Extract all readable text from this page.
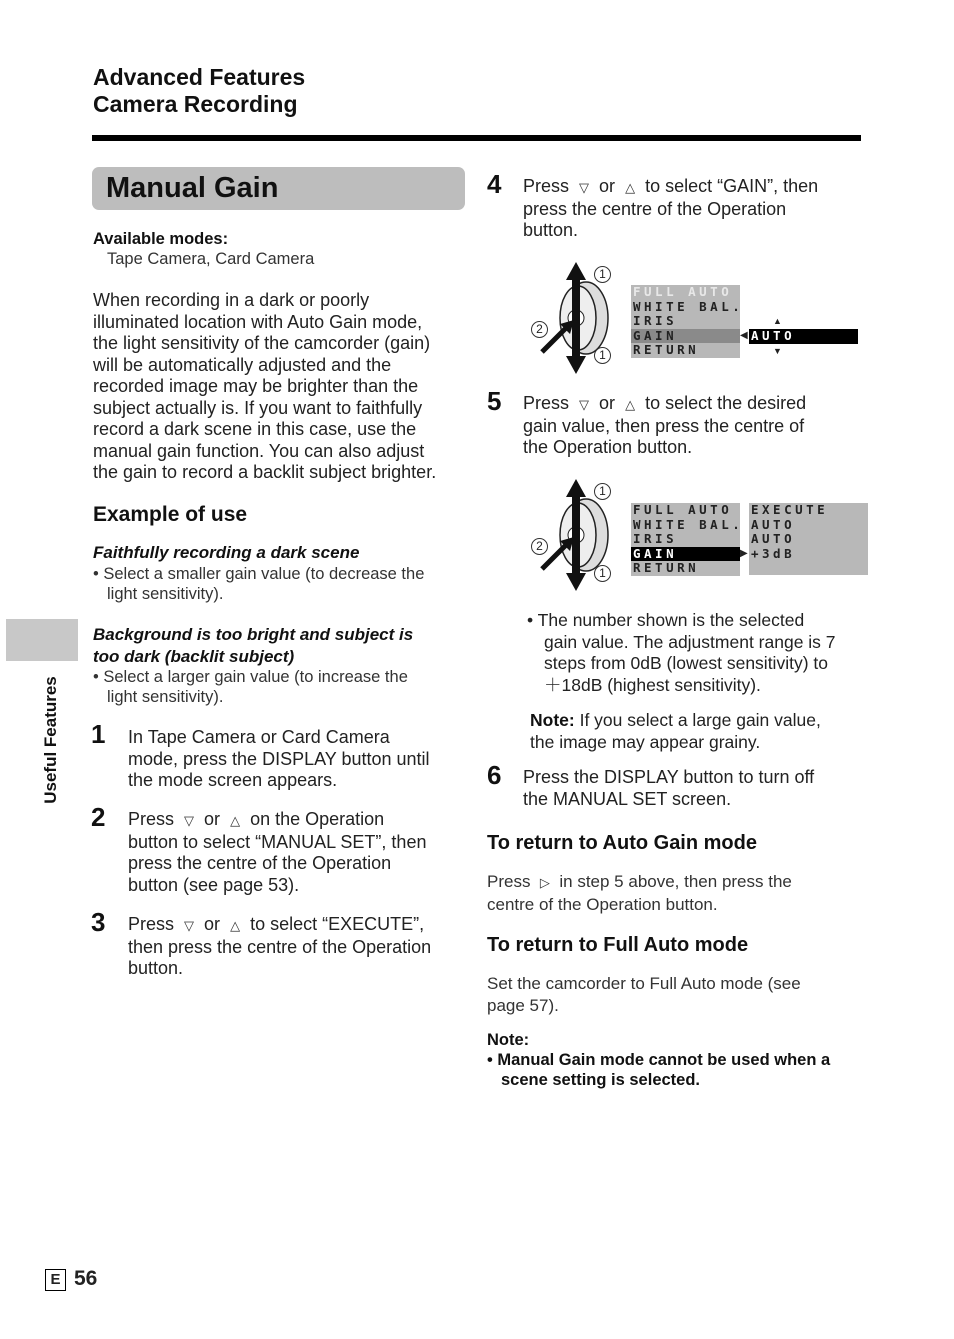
Advanced Features
Camera Recording
Manual Gain
Available modes:
Tape Camera, Card Camera
When recording in a dark or poorly
illuminated location with Auto Gain mode,
the light sensitivity of the camcorder (gain)
will be automatically adjusted and the
recorded image may be brighter than the
subject actually is. If you want to faithfully
record a dark scene in this case, use the
manual gain function. You can also adjust
the gain to record a backlit subject brighter.
Example of use
Faithfully recording a dark scene
• Select a smaller gain value (to decrease the
light sensitivity).
Background is too bright and subject is
too dark (backlit subject)
• Select a larger gain value (to increase the
light sensitivity).
1 In Tape Camera or Card Camera
mode, press the DISPLAY button until
the mode screen appears.
2 Press ▽ or △ on the Operation
button to select “MANUAL SET”, then
press the centre of the Operation
button (see page 53).
3 Press ▽ or △ to select “EXECUTE”,
then press the centre of the Operation
button.
4 Press ▽ or △ to select “GAIN”, then
press the centre of the Operation
button.
1
2
1
FULL AUTO
WHITE BAL.
IRIS
GAIN
RETURN
◀
▲
AUTO
▼
5 Press ▽ or △ to select the desired
gain value, then press the centre of
the Operation button.
1
2
1
FULL AUTO
WHITE BAL.
IRIS
GAIN
RETURN
▶
EXECUTE
AUTO
AUTO
+3dB
• The number shown is the selected
gain value. The adjustment range is 7
steps from 0dB (lowest sensitivity) to
＋18dB (highest sensitivity).
Note: If you select a large gain value,
the image may appear grainy.
6 Press the DISPLAY button to turn off
the MANUAL SET screen.
To return to Auto Gain mode
Press ▷ in step 5 above, then press the
centre of the Operation button.
To return to Full Auto mode
Set the camcorder to Full Auto mode (see
page 57).
Note:
• Manual Gain mode cannot be used when a
scene setting is selected.
Useful Features
E 56
